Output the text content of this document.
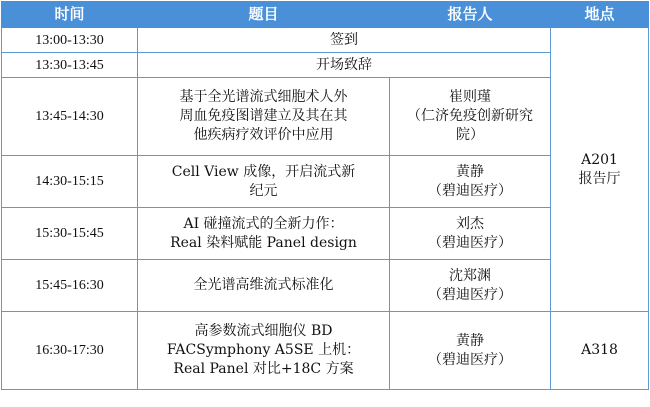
时间	题目	报告人	地点
13:00-13:30	签到		A201
报告厅

13:30-13:45	开场致辞		

13:45-14:30	基于全光谱流式细胞术人外
周血免疫图谱建立及其在其
他疾病疗效评价中应用	崔则瑾
（仁济免疫创新研究
院）	

14:30-15:15	Cell View 成像，开启流式新
纪元	黄静
（碧迪医疗）	

15:30-15:45	AI 碰撞流式的全新力作：
Real 染料赋能 Panel design	刘杰
（碧迪医疗）	

15:45-16:30	全光谱高维流式标准化	沈郑渊
（碧迪医疗）	

16:30-17:30	高参数流式细胞仪 BD
FACSymphony A5SE 上机：
Real Panel 对比+18C 方案	黄静
（碧迪医疗）	A318
